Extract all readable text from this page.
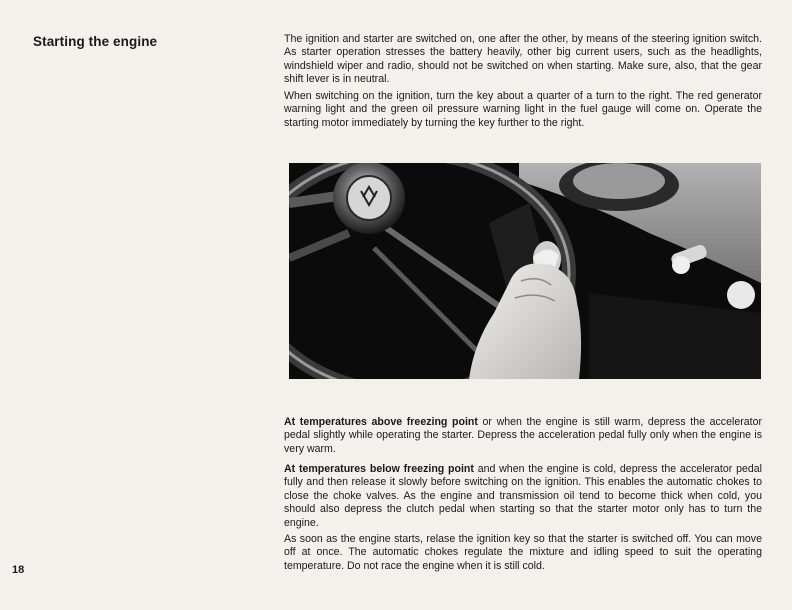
Starting the engine	The ignition and starter are switched on, one after the other, by means of the steering ignition switch. As starter operation stresses the battery heavily, other big current users, such as the headlights, windshield wiper and radio, should not be switched on when starting. Make sure, also, that the gear shift lever is in neutral.

When switching on the ignition, turn the key about a quarter of a turn to the right. The red generator warning light and the green oil pressure warning light in the fuel gauge will come on. Operate the starting motor immediately by turning the key further to the right.

At temperatures above freezing point or when the engine is still warm, depress the accelerator pedal slightly while operating the starter. Depress the acceleration pedal fully only when the engine is very warm.

At temperatures below freezing point and when the engine is cold, depress the accelerator pedal fully and then release it slowly before switching on the ignition. This enables the automatic chokes to close the choke valves. As the engine and transmission oil tend to become thick when cold, you should also depress the clutch pedal when starting so that the starter motor only has to turn the engine.

As soon as the engine starts, relase the ignition key so that the starter is switched off. You can move off at once. The automatic chokes regulate the mixture and idling speed to suit the operating temperature. Do not race the engine when it is still cold.

18
